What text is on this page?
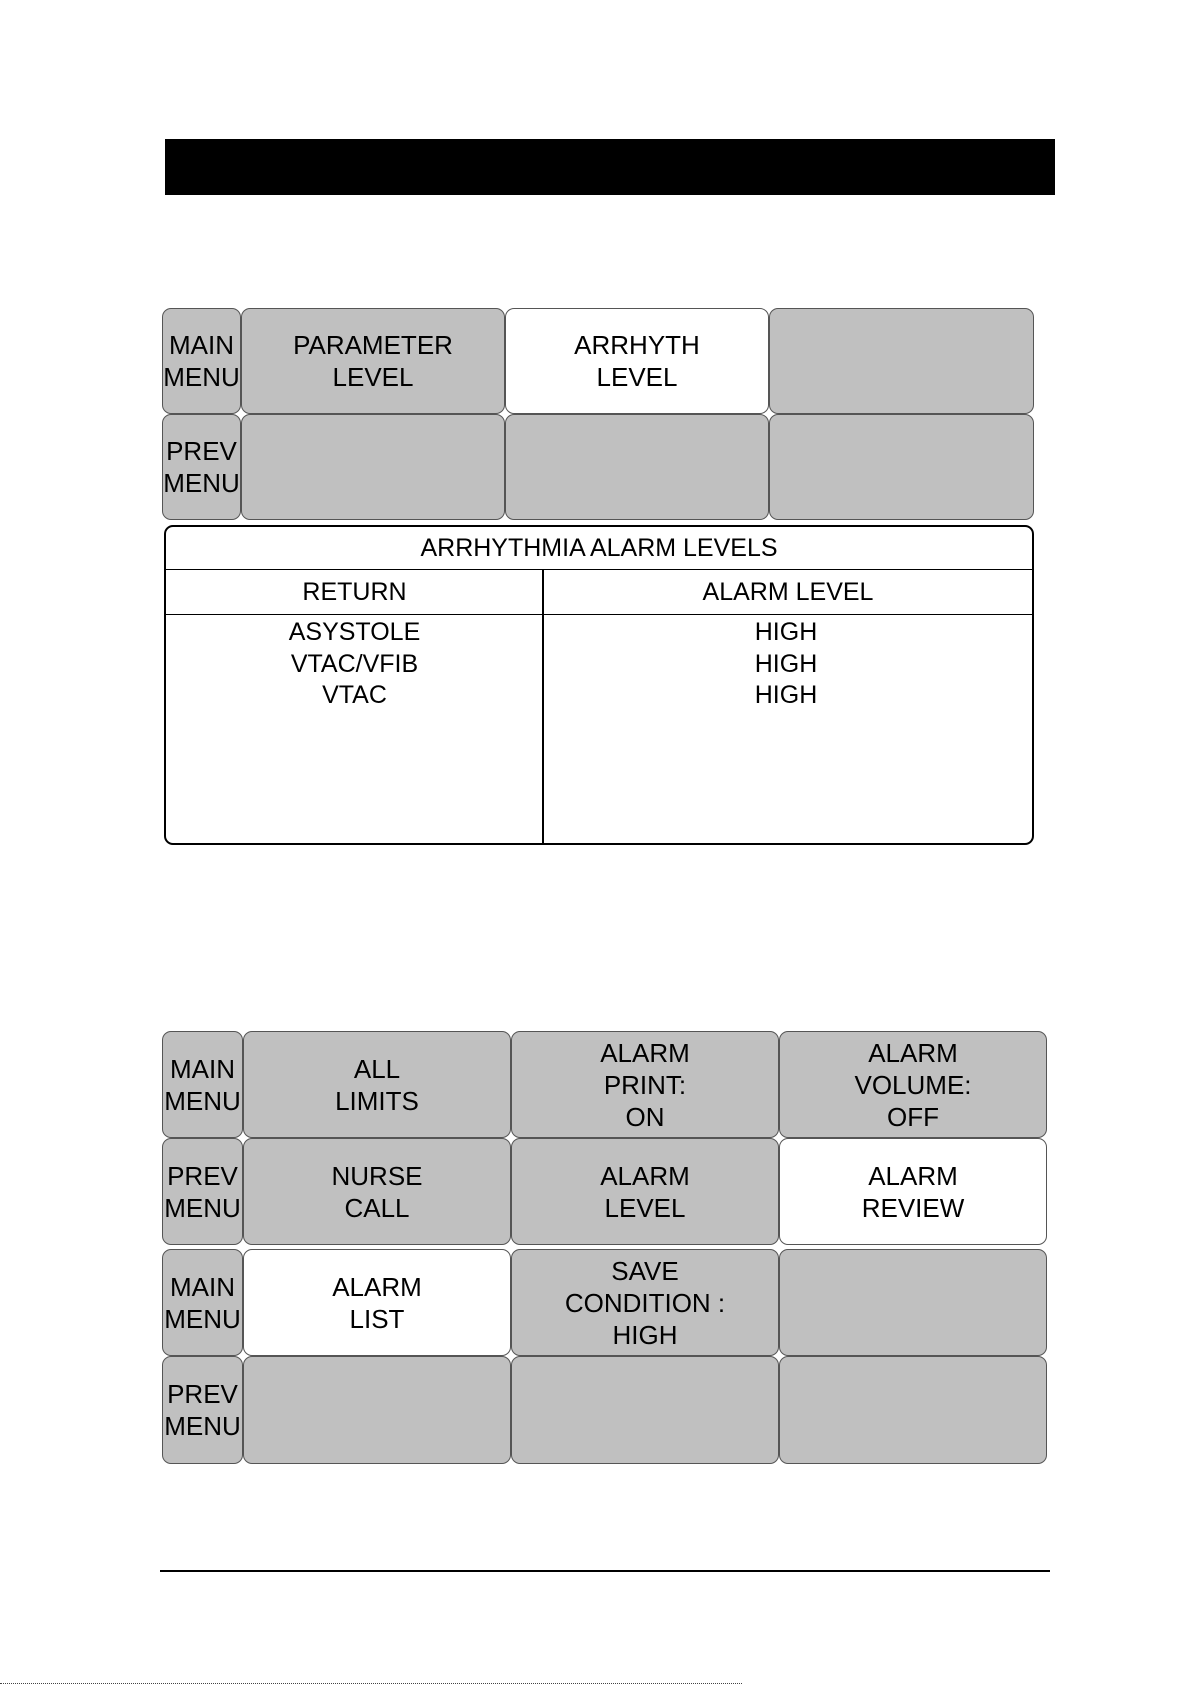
MAIN
MENU
PARAMETER
LEVEL
ARRHYTH
LEVEL
PREV
MENU
ARRHYTHMIA ALARM LEVELS
RETURN	ALARM LEVEL
ASYSTOLE
VTAC/VFIB
VTAC
HIGH
HIGH
HIGH
MAIN
MENU
ALL
LIMITS
ALARM
PRINT:
ON
ALARM
VOLUME:
OFF
PREV
MENU
NURSE
CALL
ALARM
LEVEL
ALARM
REVIEW
MAIN
MENU
ALARM
LIST
SAVE
CONDITION :
HIGH
PREV
MENU
